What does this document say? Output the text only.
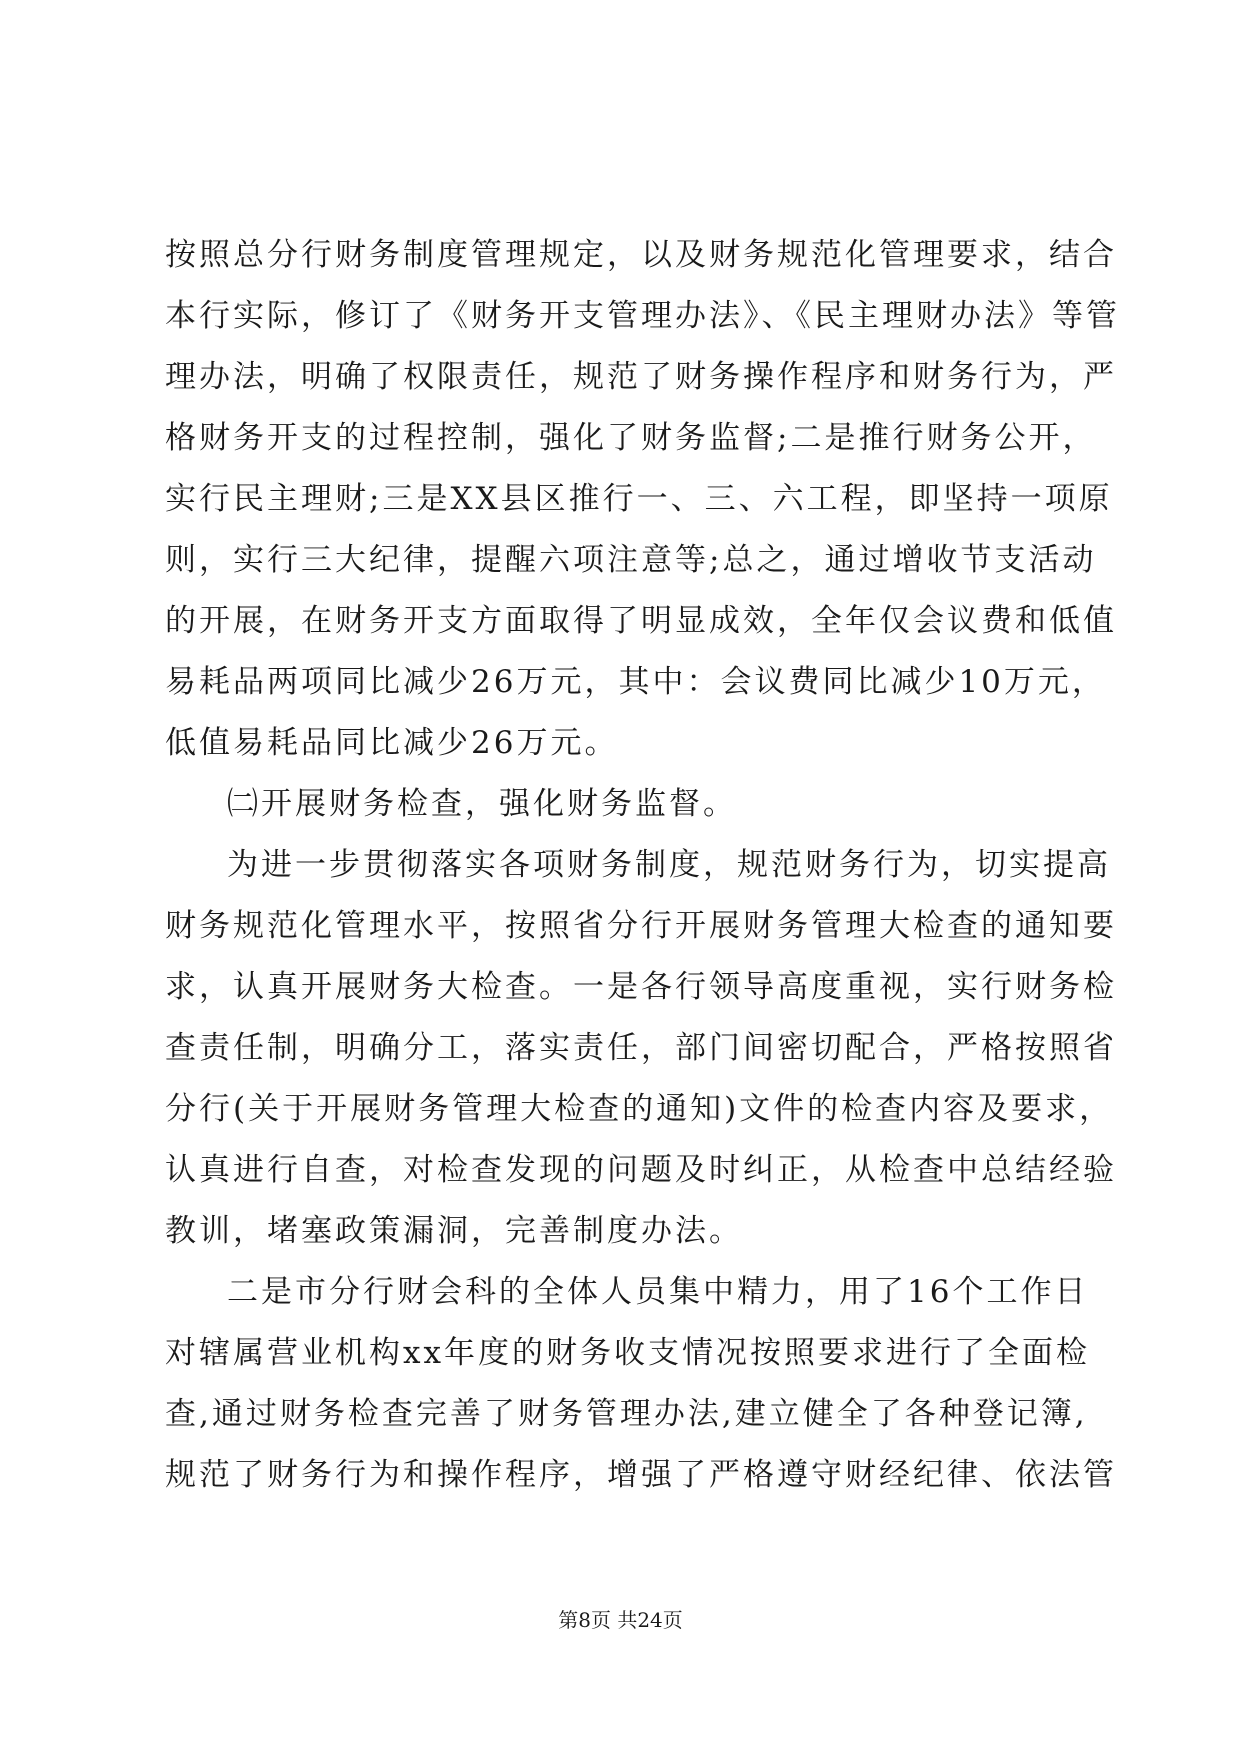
按照总分行财务制度管理规定，以及财务规范化管理要求，结合
本行实际，修订了《财务开支管理办法》、《民主理财办法》等管
理办法，明确了权限责任，规范了财务操作程序和财务行为，严
格财务开支的过程控制，强化了财务监督;二是推行财务公开，
实行民主理财;三是XX县区推行一、三、六工程，即坚持一项原
则，实行三大纪律，提醒六项注意等;总之，通过增收节支活动
的开展，在财务开支方面取得了明显成效，全年仅会议费和低值
易耗品两项同比减少26万元，其中：会议费同比减少10万元，
低值易耗品同比减少26万元。
㈡开展财务检查，强化财务监督。
为进一步贯彻落实各项财务制度，规范财务行为，切实提高
财务规范化管理水平，按照省分行开展财务管理大检查的通知要
求，认真开展财务大检查。一是各行领导高度重视，实行财务检
查责任制，明确分工，落实责任，部门间密切配合，严格按照省
分行(关于开展财务管理大检查的通知)文件的检查内容及要求，
认真进行自查，对检查发现的问题及时纠正，从检查中总结经验
教训，堵塞政策漏洞，完善制度办法。
二是市分行财会科的全体人员集中精力，用了16个工作日
对辖属营业机构xx年度的财务收支情况按照要求进行了全面检
查,通过财务检查完善了财务管理办法,建立健全了各种登记簿,
规范了财务行为和操作程序，增强了严格遵守财经纪律、依法管
第8页 共24页
